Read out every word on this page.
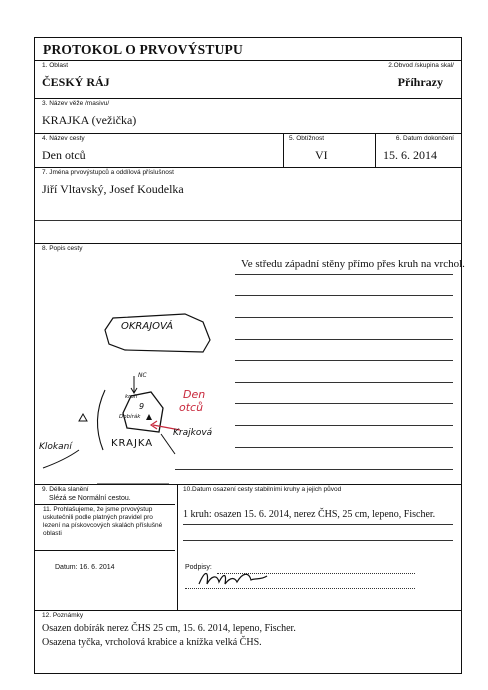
PROTOKOL O PRVOVÝSTUPU
1. Oblast
ČESKÝ RÁJ
2.Obvod /skupina skal/
Příhrazy
3. Název věže /masivu/
KRAJKA (vežička)
4. Název cesty
Den otců
5. Obtížnost
VI
6. Datum dokončení
15. 6. 2014
7. Jména prvovýstupců a oddílová příslušnost
Jiří Vltavský, Josef Koudelka
8. Popis cesty
Ve středu západní stěny přímo přes kruh na vrchol.
OKRAJOVÁ
NC
kruh
9
Dobírák
Den
otců
Krajková
Klokaní	KRAJKA
9. Délka slanění
Slézá se Normální cestou.
10.Datum osazení cesty stabilními kruhy a jejich původ
1 kruh: osazen 15. 6. 2014, nerez ČHS, 25 cm, lepeno, Fischer.
11. Prohlašujeme, že jsme prvovýstup uskutečnili podle platných pravidel pro lezení na pískovcových skalách příslušné oblasti
Datum: 16. 6. 2014	Podpisy:
12. Poznámky
Osazen dobírák nerez ČHS 25 cm, 15. 6. 2014, lepeno, Fischer.
Osazena tyčka, vrcholová krabice a knížka velká ČHS.
